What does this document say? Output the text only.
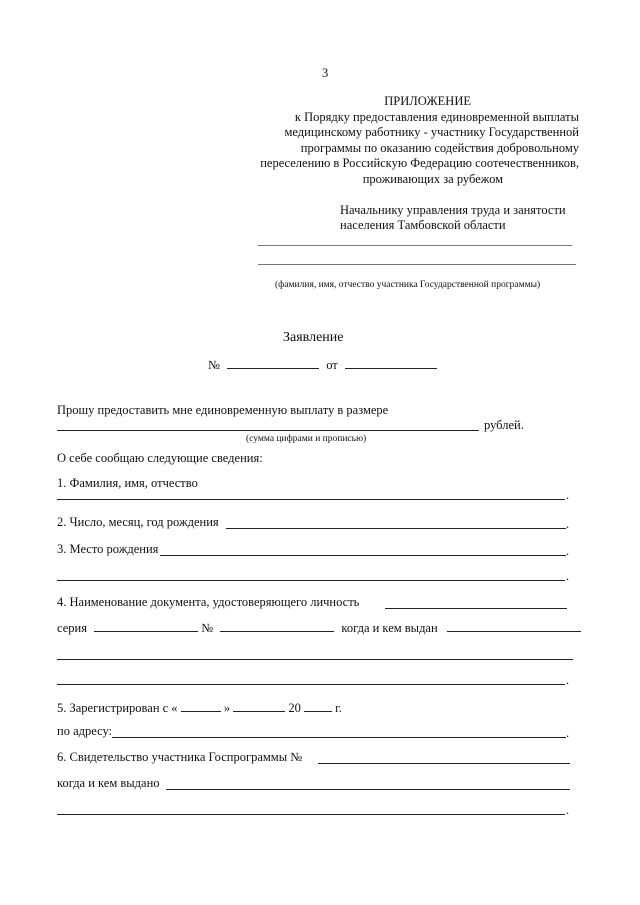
3
ПРИЛОЖЕНИЕ
к Порядку предоставления единовременной выплаты
медицинскому работнику - участнику Государственной
программы по оказанию содействия добровольному
переселению в Российскую Федерацию соотечественников,
проживающих за рубежом
Начальнику управления труда и занятости
населения Тамбовской области
(фамилия, имя, отчество участника Государственной программы)
Заявление
№	от
Прошу предоставить мне единовременную выплату в размере
рублей.
(сумма цифрами и прописью)
О себе сообщаю следующие сведения:
1. Фамилия, имя, отчество
.
2. Число, месяц, год рождения	.
3. Место рождения	.
.
4. Наименование документа, удостоверяющего личность
серия	№	когда и кем выдан
.
5. Зарегистрирован с «	»	20	г.
по адресу:	.
6. Свидетельство участника Госпрограммы №
когда и кем выдано
.
